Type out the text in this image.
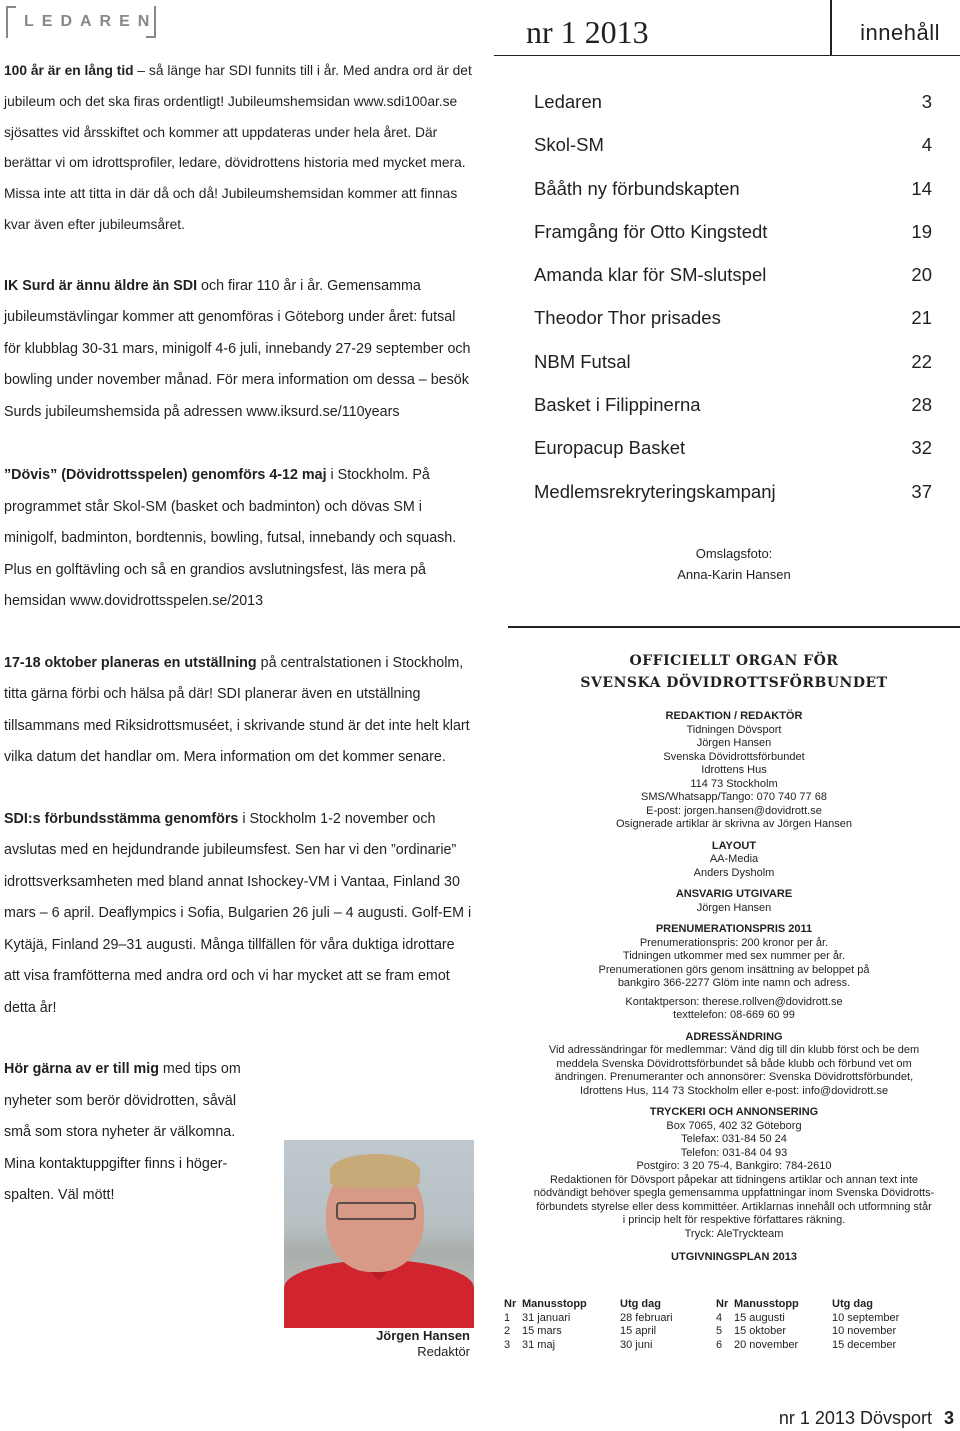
LEDAREN

100 år är en lång tid – så länge har SDI funnits till i år. Med andra ord är det jubileum och det ska firas ordentligt! Jubileumshemsidan www.sdi100ar.se sjösattes vid årsskiftet och kommer att uppdateras under hela året. Där berättar vi om idrottsprofiler, ledare, dövidrottens historia med mycket mera. Missa inte att titta in där då och då! Jubileumshemsidan kommer att finnas kvar även efter jubileumsåret.

IK Surd är ännu äldre än SDI och firar 110 år i år. Gemensamma jubileumstävlingar kommer att genomföras i Göteborg under året: futsal för klubblag 30-31 mars, minigolf 4-6 juli, innebandy 27-29 september och bowling under november månad. För mera information om dessa – besök Surds jubileumshemsida på adressen www.iksurd.se/110years

”Dövis” (Dövidrottsspelen) genomförs 4-12 maj i Stockholm. På programmet står Skol-SM (basket och badminton) och dövas SM i minigolf, badminton, bordtennis, bowling, futsal, innebandy och squash. Plus en golftävling och så en grandios avslutningsfest, läs mera på hemsidan www.dovidrottsspelen.se/2013

17-18 oktober planeras en utställning på centralstationen i Stockholm, titta gärna förbi och hälsa på där! SDI planerar även en utställning tillsammans med Riksidrottsmuséet, i skrivande stund är det inte helt klart vilka datum det handlar om. Mera information om det kommer senare.

SDI:s förbundsstämma genomförs i Stockholm 1-2 november och avslutas med en hejdundrande jubileumsfest. Sen har vi den ”ordinarie” idrottsverksamheten med bland annat Ishockey-VM i Vantaa, Finland 30 mars – 6 april. Deaflympics i Sofia, Bulgarien 26 juli – 4 augusti. Golf-EM i Kytäjä, Finland 29–31 augusti. Många tillfällen för våra duktiga idrottare att visa framfötterna med andra ord och vi har mycket att se fram emot detta år!

Hör gärna av er till mig med tips om nyheter som berör dövidrotten, såväl små som stora nyheter är välkomna. Mina kontaktuppgifter finns i höger-spalten. Väl mött!

Jörgen Hansen
Redaktör
nr 1 2013	innehåll
Ledaren	3
Skol-SM	4
Bååth ny förbundskapten	14
Framgång för Otto Kingstedt	19
Amanda klar för SM-slutspel	20
Theodor Thor prisades	21
NBM Futsal	22
Basket i Filippinerna	28
Europacup Basket	32
Medlemsrekryteringskampanj	37
Omslagsfoto:
Anna-Karin Hansen
OFFICIELLT ORGAN FÖR
SVENSKA DÖVIDROTTSFÖRBUNDET
REDAKTION / REDAKTÖR
Tidningen Dövsport
Jörgen Hansen
Svenska Dövidrottsförbundet
Idrottens Hus
114 73 Stockholm
SMS/Whatsapp/Tango: 070 740 77 68
E-post: jorgen.hansen@dovidrott.se
Osignerade artiklar är skrivna av Jörgen Hansen
LAYOUT
AA-Media
Anders Dysholm
ANSVARIG UTGIVARE
Jörgen Hansen
PRENUMERATIONSPRIS 2011
Prenumerationspris: 200 kronor per år.
Tidningen utkommer med sex nummer per år.
Prenumerationen görs genom insättning av beloppet på
bankgiro 366-2277 Glöm inte namn och adress.
Kontaktperson: therese.rollven@dovidrott.se
texttelefon: 08-669 60 99
ADRESSÄNDRING
Vid adressändringar för medlemmar: Vänd dig till din klubb först och be dem
meddela Svenska Dövidrottsförbundet så både klubb och förbund vet om
ändringen. Prenumeranter och annonsörer: Svenska Dövidrottsförbundet,
Idrottens Hus, 114 73 Stockholm eller e-post: info@dovidrott.se
TRYCKERI OCH ANNONSERING
Box 7065, 402 32 Göteborg
Telefax: 031-84 50 24
Telefon: 031-84 04 93
Postgiro: 3 20 75-4, Bankgiro: 784-2610
Redaktionen för Dövsport påpekar att tidningens artiklar och annan text inte
nödvändigt behöver spegla gemensamma uppfattningar inom Svenska Dövidrotts-
förbundets styrelse eller dess kommittéer. Artiklarnas innehåll och utformning står
i princip helt för respektive författares räkning.
Tryck: AleTryckteam
UTGIVNINGSPLAN 2013
Nr Manusstopp	Utg dag
1	31 januari	28 februari
2	15 mars	15 april
3	31 maj	30 juni
Nr Manusstopp	Utg dag
4	15 augusti	10 september
5	15 oktober	10 november
6	20 november	15 december
nr 1 2013 Dövsport 3
